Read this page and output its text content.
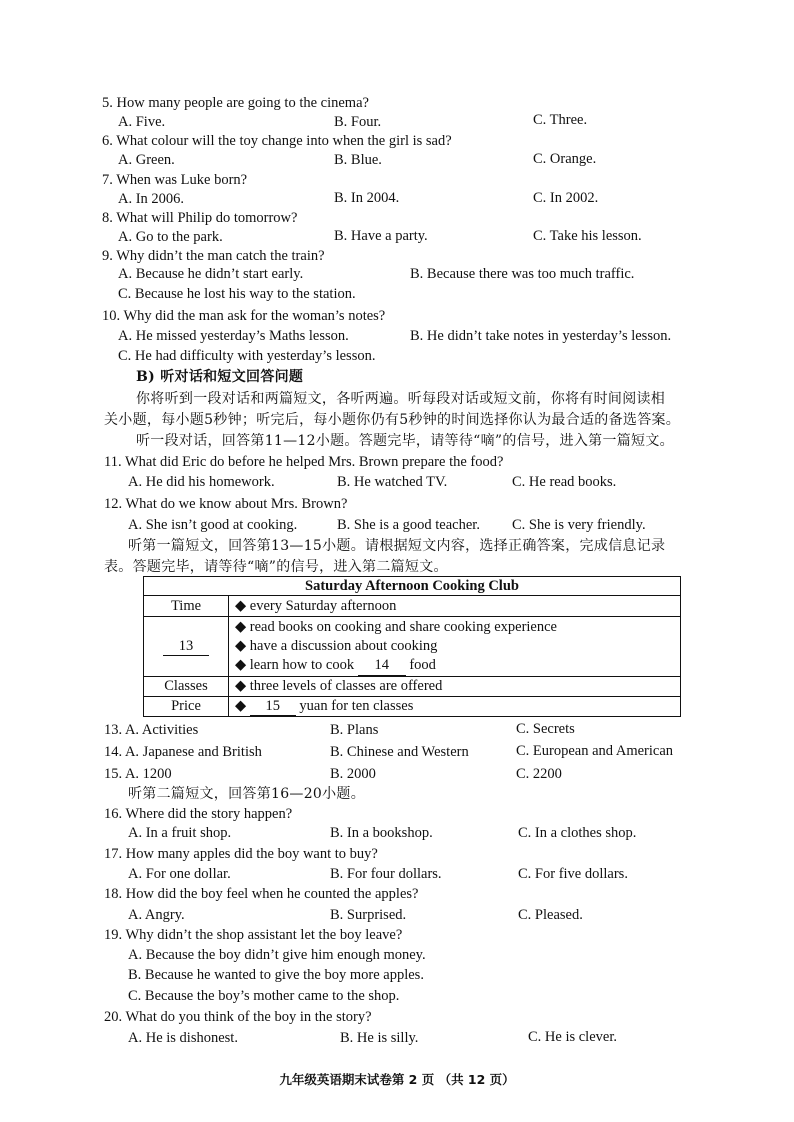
5. How many people are going to the cinema?
A. Five.	B. Four.	C. Three.
6. What colour will the toy change into when the girl is sad?
A. Green.	B. Blue.	C. Orange.
7. When was Luke born?
A. In 2006.	B. In 2004.	C. In 2002.
8. What will Philip do tomorrow?
A. Go to the park.	B. Have a party.	C. Take his lesson.
9. Why didn’t the man catch the train?
A. Because he didn’t start early.	B. Because there was too much traffic.
C. Because he lost his way to the station.
10. Why did the man ask for the woman’s notes?
A. He missed yesterday’s Maths lesson.	B. He didn’t take notes in yesterday’s lesson.
C. He had difficulty with yesterday’s lesson.
B) 听对话和短文回答问题
你将听到一段对话和两篇短文，各听两遍。听每段对话或短文前，你将有时间阅读相
关小题，每小题5秒钟；听完后，每小题你仍有5秒钟的时间选择你认为最合适的备选答案。
听一段对话，回答第11—12小题。答题完毕，请等待“嘀”的信号，进入第一篇短文。
11. What did Eric do before he helped Mrs. Brown prepare the food?
A. He did his homework.	B. He watched TV.	C. He read books.
12. What do we know about Mrs. Brown?
A. She isn’t good at cooking.	B. She is a good teacher. C. She is very friendly.
听第一篇短文，回答第13—15小题。请根据短文内容，选择正确答案，完成信息记录
表。答题完毕，请等待“嘀”的信号，进入第二篇短文。
Saturday Afternoon Cooking Club	
Time	◆ every Saturday afternoon
13	◆ read books on cooking and share cooking experience
◆ have a discussion about cooking
◆ learn how to cook 14 food

Classes	◆ three levels of classes are offered
Price	◆ 15 yuan for ten classes
13. A. Activities	B. Plans	C. Secrets
14. A. Japanese and British	B. Chinese and Western	C. European and American
15. A. 1200	B. 2000	C. 2200
听第二篇短文，回答第16—20小题。
16. Where did the story happen?
A. In a fruit shop.	B. In a bookshop.	C. In a clothes shop.
17. How many apples did the boy want to buy?
A. For one dollar.	B. For four dollars.	C. For five dollars.
18. How did the boy feel when he counted the apples?
A. Angry.	B. Surprised.	C. Pleased.
19. Why didn’t the shop assistant let the boy leave?
A. Because the boy didn’t give him enough money.
B. Because he wanted to give the boy more apples.
C. Because the boy’s mother came to the shop.
20. What do you think of the boy in the story?
A. He is dishonest.	B. He is silly.	C. He is clever.
九年级英语期末试卷第 2 页 （共 12 页）
